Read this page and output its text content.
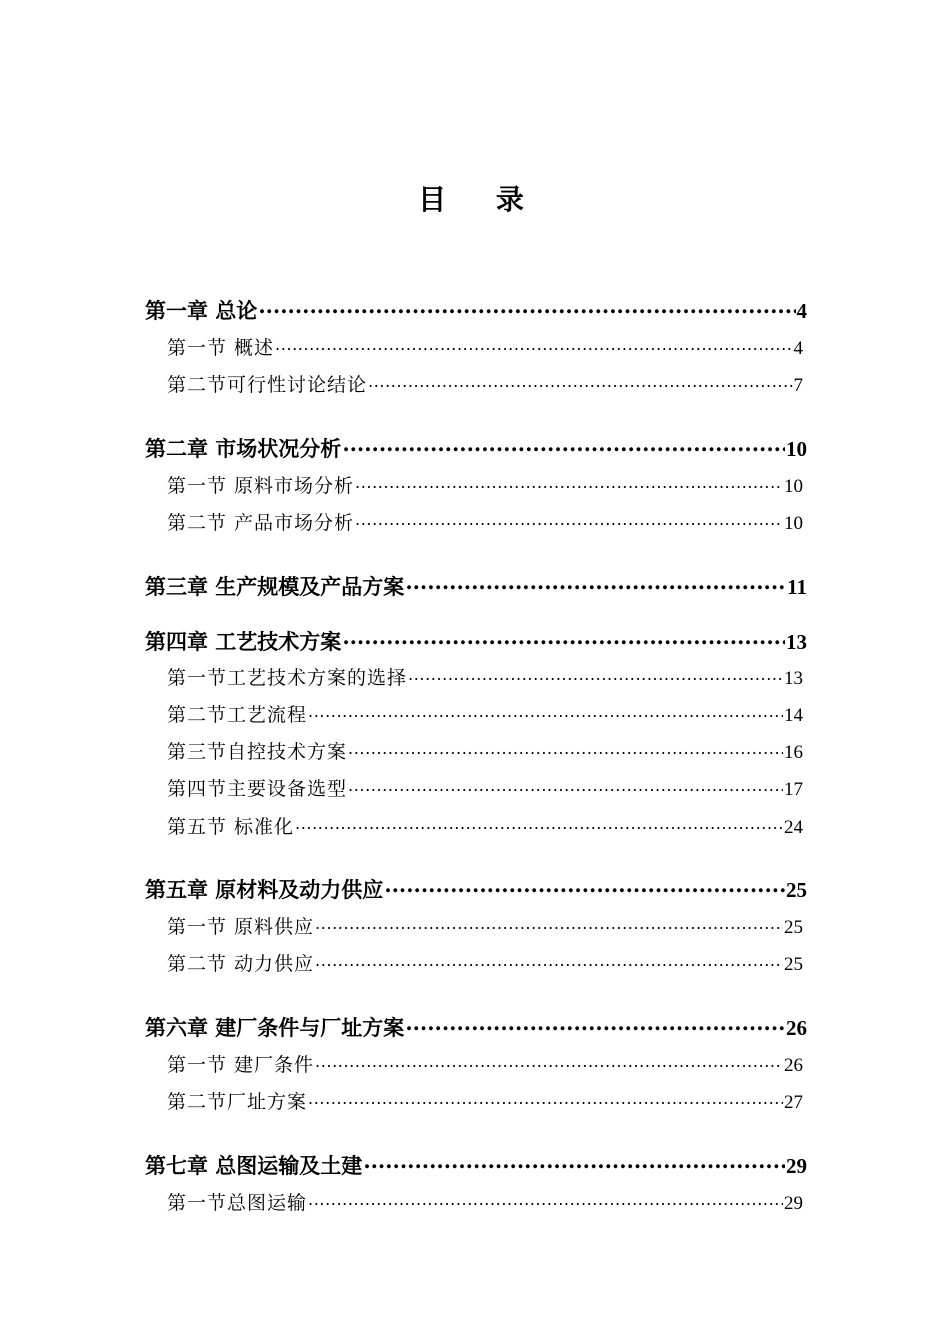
目 录
第一章 总论 .....	4
第一节 概述 .....	4
第二节可行性讨论结论 .....	7
第二章 市场状况分析 .....	10
第一节 原料市场分析 .....	10
第二节 产品市场分析 .....	10
第三章 生产规模及产品方案 .....	11
第四章 工艺技术方案 .....	13
第一节工艺技术方案的选择 .....	13
第二节工艺流程 .....	14
第三节自控技术方案 .....	16
第四节主要设备选型 .....	17
第五节 标准化 .....	24
第五章 原材料及动力供应 .....	25
第一节 原料供应 .....	25
第二节 动力供应 .....	25
第六章 建厂条件与厂址方案 .....	26
第一节 建厂条件 .....	26
第二节厂址方案 .....	27
第七章 总图运输及土建 .....	29
第一节总图运输 .....	29
